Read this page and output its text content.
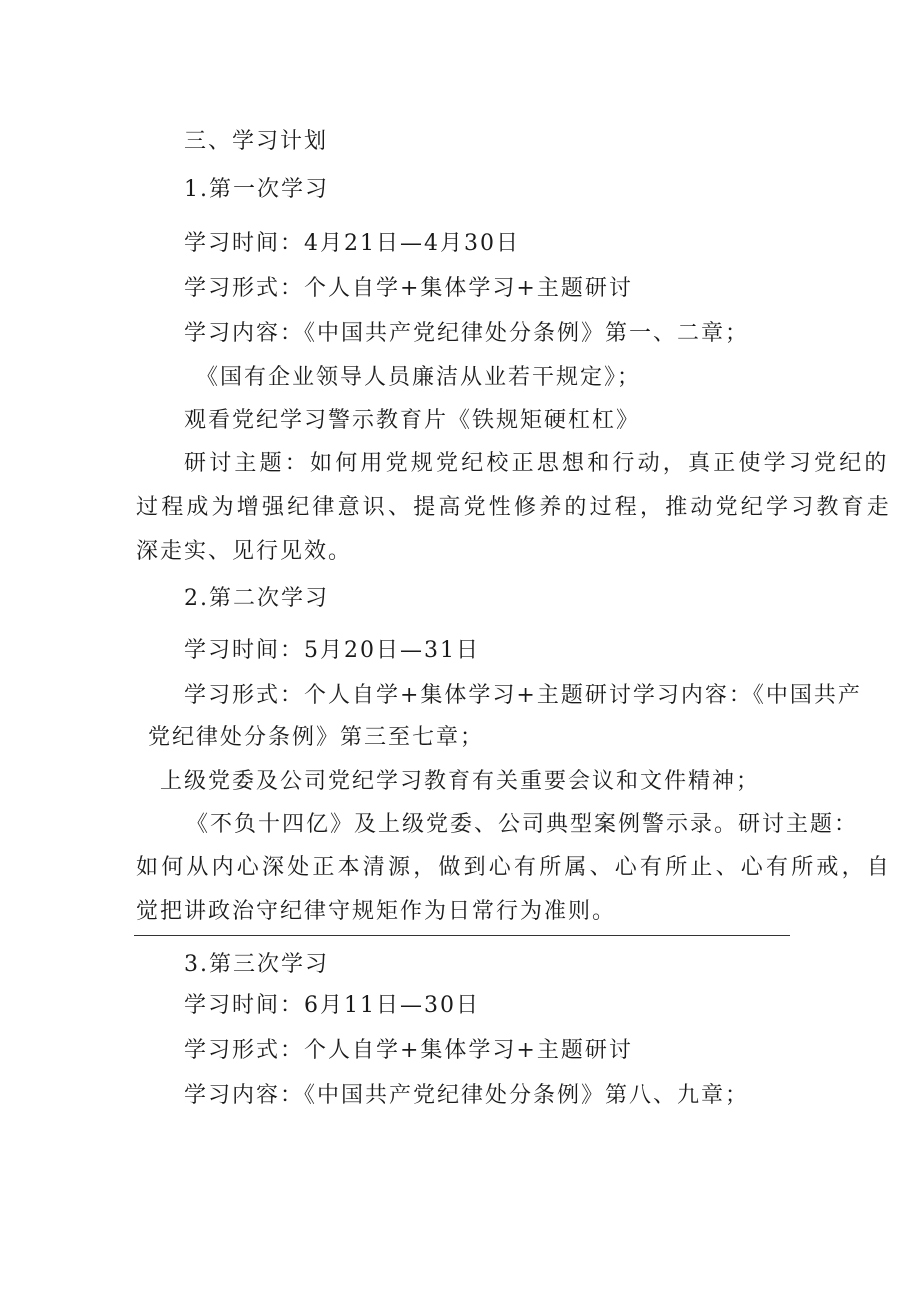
三、学习计划
1.第一次学习
学习时间：4月21日—4月30日
学习形式：个人自学+集体学习+主题研讨
学习内容：《中国共产党纪律处分条例》第一、二章；
《国有企业领导人员廉洁从业若干规定》；
观看党纪学习警示教育片《铁规矩硬杠杠》
研讨主题：如何用党规党纪校正思想和行动，真正使学习党纪的
过程成为增强纪律意识、提高党性修养的过程，推动党纪学习教育走
深走实、见行见效。
2.第二次学习
学习时间：5月20日—31日
学习形式：个人自学+集体学习+主题研讨学习内容：《中国共产
党纪律处分条例》第三至七章；
上级党委及公司党纪学习教育有关重要会议和文件精神；
《不负十四亿》及上级党委、公司典型案例警示录。研讨主题：
如何从内心深处正本清源，做到心有所属、心有所止、心有所戒，自
觉把讲政治守纪律守规矩作为日常行为准则。
3.第三次学习
学习时间：6月11日—30日
学习形式：个人自学+集体学习+主题研讨
学习内容：《中国共产党纪律处分条例》第八、九章；
